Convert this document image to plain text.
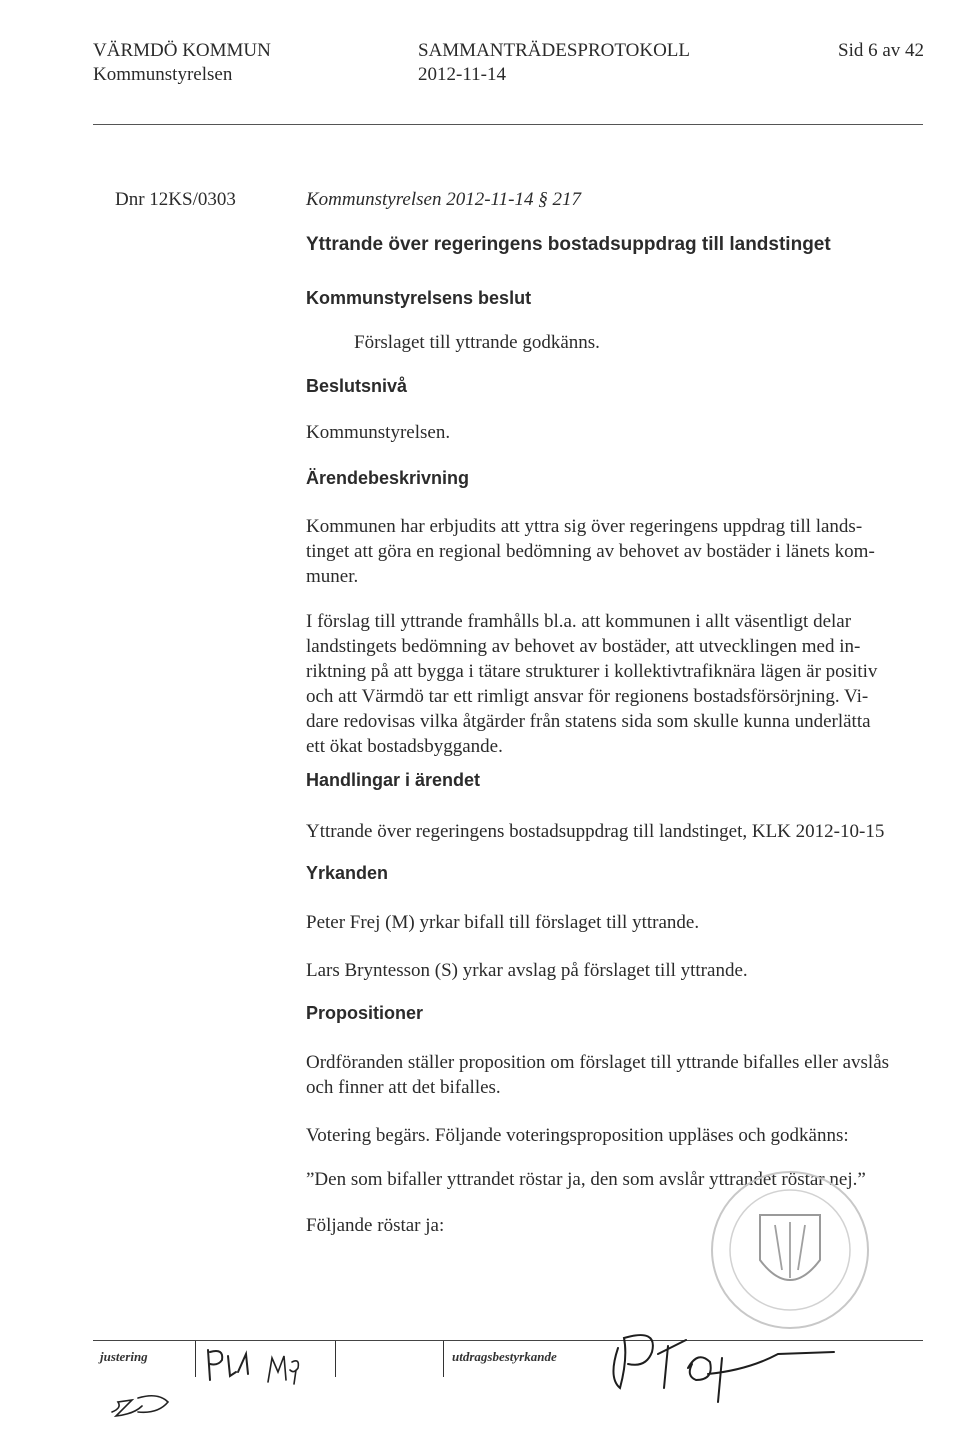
VÄRMDÖ KOMMUN
Kommunstyrelsen
SAMMANTRÄDESPROTOKOLL
2012-11-14
Sid 6 av 42
Dnr 12KS/0303	Kommunstyrelsen 2012-11-14 § 217
Yttrande över regeringens bostadsuppdrag till landstinget
Kommunstyrelsens beslut
Förslaget till yttrande godkänns.
Beslutsnivå
Kommunstyrelsen.
Ärendebeskrivning
Kommunen har erbjudits att yttra sig över regeringens uppdrag till lands-
tinget att göra en regional bedömning av behovet av bostäder i länets kom-
muner.
I förslag till yttrande framhålls bl.a. att kommunen i allt väsentligt delar
landstingets bedömning av behovet av bostäder, att utvecklingen med in-
riktning på att bygga i tätare strukturer i kollektivtrafiknära lägen är positiv
och att Värmdö tar ett rimligt ansvar för regionens bostadsförsörjning. Vi-
dare redovisas vilka åtgärder från statens sida som skulle kunna underlätta
ett ökat bostadsbyggande.
Handlingar i ärendet
Yttrande över regeringens bostadsuppdrag till landstinget, KLK 2012-10-15
Yrkanden
Peter Frej (M) yrkar bifall till förslaget till yttrande.
Lars Bryntesson (S) yrkar avslag på förslaget till yttrande.
Propositioner
Ordföranden ställer proposition om förslaget till yttrande bifalles eller avslås
och finner att det bifalles.
Votering begärs. Följande voteringsproposition uppläses och godkänns:
”Den som bifaller yttrandet röstar ja, den som avslår yttrandet röstar nej.”
Följande röstar ja:
justering	utdragsbestyrkande
